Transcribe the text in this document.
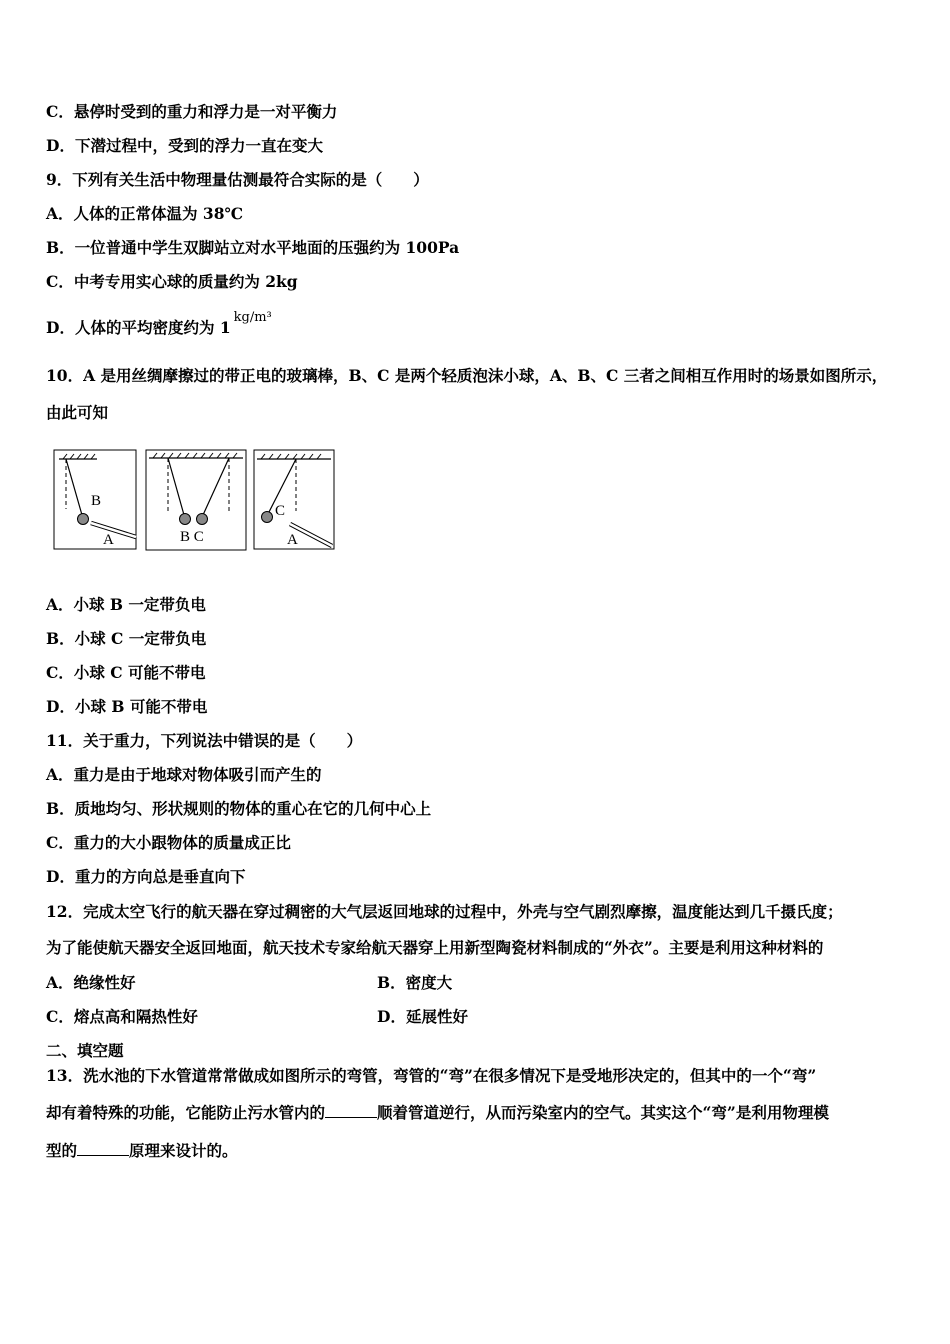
C．悬停时受到的重力和浮力是一对平衡力
D．下潜过程中，受到的浮力一直在变大
9．下列有关生活中物理量估测最符合实际的是（　　）
A．人体的正常体温为 38℃
B．一位普通中学生双脚站立对水平地面的压强约为 100Pa
C．中考专用实心球的质量约为 2kg
D．人体的平均密度约为 $1^{kg/m^3}$
10．A 是用丝绸摩擦过的带正电的玻璃棒，B、C 是两个轻质泡沫小球，A、B、C 三者之间相互作用时的场景如图所示，
由此可知
B
A	B C
C
A
A．小球 B 一定带负电
B．小球 C 一定带负电
C．小球 C 可能不带电
D．小球 B 可能不带电
11．关于重力，下列说法中错误的是（　　）
A．重力是由于地球对物体吸引而产生的
B．质地均匀、形状规则的物体的重心在它的几何中心上
C．重力的大小跟物体的质量成正比
D．重力的方向总是垂直向下
12．完成太空飞行的航天器在穿过稠密的大气层返回地球的过程中，外壳与空气剧烈摩擦，温度能达到几千摄氏度；
为了能使航天器安全返回地面，航天技术专家给航天器穿上用新型陶瓷材料制成的“外衣”。主要是利用这种材料的
A．绝缘性好	B．密度大
C．熔点高和隔热性好	D．延展性好
二、填空题
13．洗水池的下水管道常常做成如图所示的弯管，弯管的“弯”在很多情况下是受地形决定的，但其中的一个“弯”
却有着特殊的功能，它能防止污水管内的	顺着管道逆行，从而污染室内的空气。其实这个“弯”是利用物理模
型的	原理来设计的。
